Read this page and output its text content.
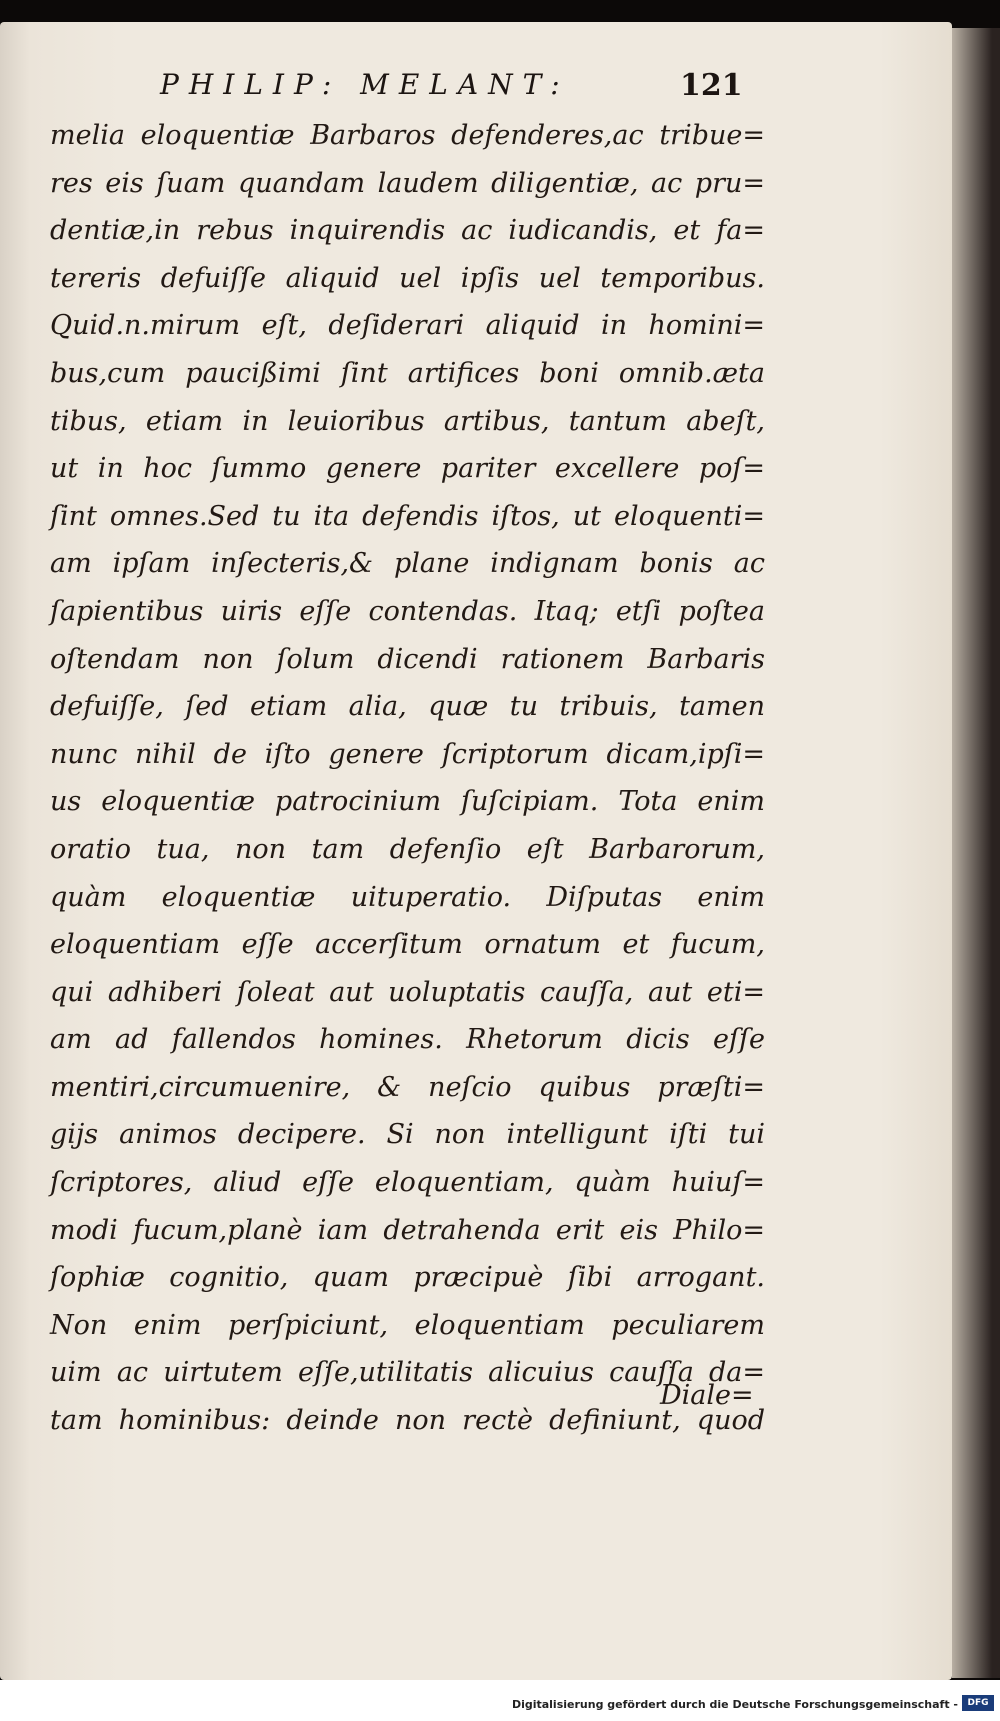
PHILIP: MELANT:	121
melia eloquentiæ Barbaros defenderes,ac tribue=
res eis ſuam quandam laudem diligentiæ, ac pru=
dentiæ,in rebus inquirendis ac iudicandis, et fa=
tereris defuiſſe aliquid uel ipſis uel temporibus.
Quid.n.mirum eſt, deſiderari aliquid in homini=
bus,cum paucißimi ſint artifices boni omnib.æta
tibus, etiam in leuioribus artibus, tantum abeſt,
ut in hoc ſummo genere pariter excellere poſ=
ſint omnes.Sed tu ita defendis iſtos, ut eloquenti=
am ipſam inſecteris,& plane indignam bonis ac
ſapientibus uiris eſſe contendas. Itaq; etſi poſtea
oſtendam non ſolum dicendi rationem Barbaris
defuiſſe, ſed etiam alia, quæ tu tribuis, tamen
nunc nihil de iſto genere ſcriptorum dicam,ipſi=
us eloquentiæ patrocinium ſuſcipiam. Tota enim
oratio tua, non tam defenſio eſt Barbarorum,
quàm eloquentiæ uituperatio. Diſputas enim
eloquentiam eſſe accerſitum ornatum et fucum,
qui adhiberi ſoleat aut uoluptatis cauſſa, aut eti=
am ad fallendos homines. Rhetorum dicis eſſe
mentiri,circumuenire, & neſcio quibus præſti=
gijs animos decipere. Si non intelligunt iſti tui
ſcriptores, aliud eſſe eloquentiam, quàm huiuſ=
modi fucum,planè iam detrahenda erit eis Philo=
ſophiæ cognitio, quam præcipuè ſibi arrogant.
Non enim perſpiciunt, eloquentiam peculiarem
uim ac uirtutem eſſe,utilitatis alicuius cauſſa da=
tam hominibus: deinde non rectè definiunt, quod
Diale=
Digitalisierung gefördert durch die Deutsche Forschungsgemeinschaft -	DFG
